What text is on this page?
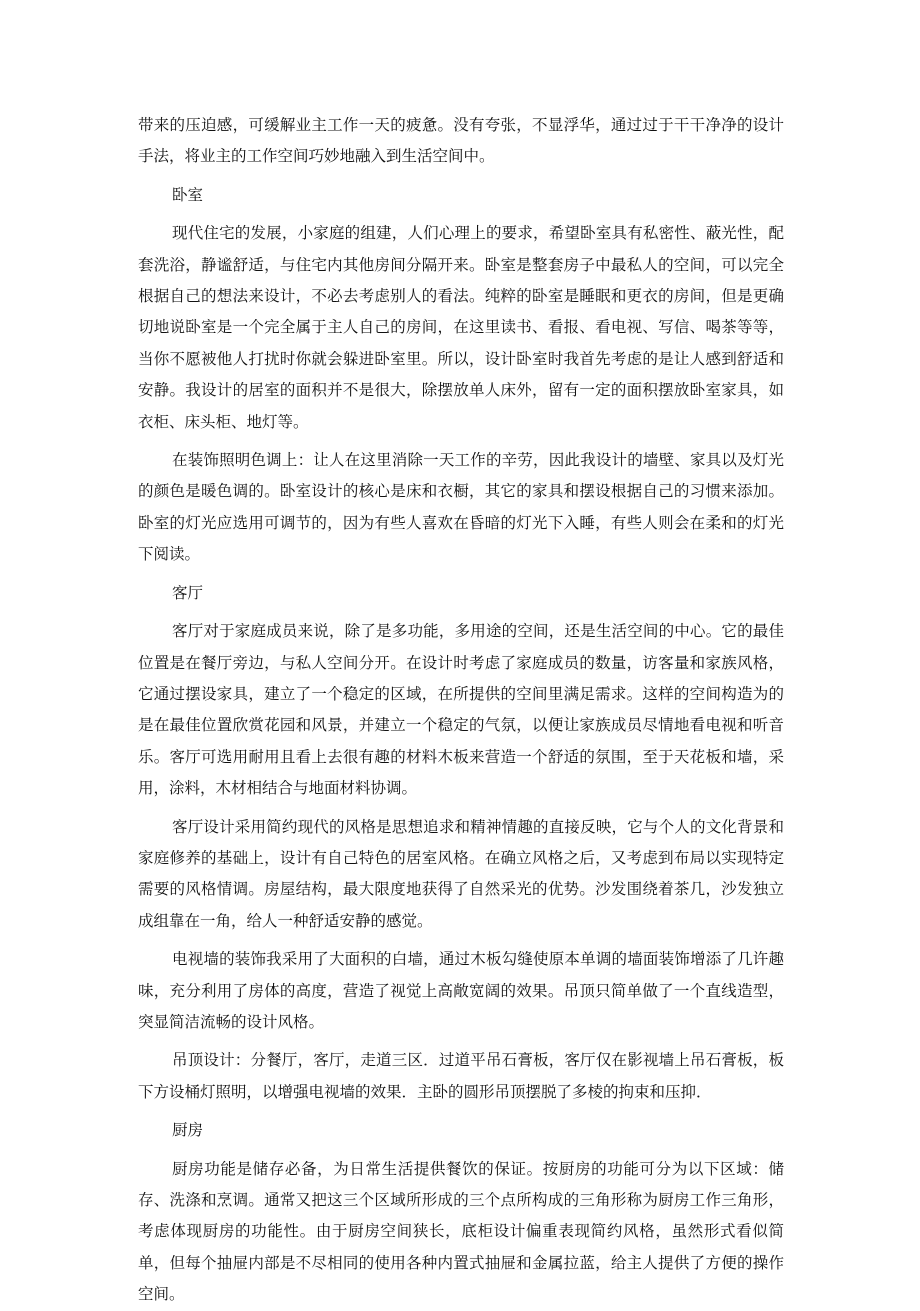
带来的压迫感，可缓解业主工作一天的疲惫。没有夸张，不显浮华，通过过于干干净净的设计手法，将业主的工作空间巧妙地融入到生活空间中。

卧室

现代住宅的发展，小家庭的组建，人们心理上的要求，希望卧室具有私密性、蔽光性，配套洗浴，静谧舒适，与住宅内其他房间分隔开来。卧室是整套房子中最私人的空间，可以完全根据自己的想法来设计，不必去考虑别人的看法。纯粹的卧室是睡眠和更衣的房间，但是更确切地说卧室是一个完全属于主人自己的房间，在这里读书、看报、看电视、写信、喝茶等等，当你不愿被他人打扰时你就会躲进卧室里。所以，设计卧室时我首先考虑的是让人感到舒适和安静。我设计的居室的面积并不是很大，除摆放单人床外，留有一定的面积摆放卧室家具，如衣柜、床头柜、地灯等。

在装饰照明色调上：让人在这里消除一天工作的辛劳，因此我设计的墙壁、家具以及灯光的颜色是暖色调的。卧室设计的核心是床和衣橱，其它的家具和摆设根据自己的习惯来添加。卧室的灯光应选用可调节的，因为有些人喜欢在昏暗的灯光下入睡，有些人则会在柔和的灯光下阅读。

客厅

客厅对于家庭成员来说，除了是多功能，多用途的空间，还是生活空间的中心。它的最佳位置是在餐厅旁边，与私人空间分开。在设计时考虑了家庭成员的数量，访客量和家族风格，它通过摆设家具，建立了一个稳定的区域，在所提供的空间里满足需求。这样的空间构造为的是在最佳位置欣赏花园和风景，并建立一个稳定的气氛，以便让家族成员尽情地看电视和听音乐。客厅可选用耐用且看上去很有趣的材料木板来营造一个舒适的氛围，至于天花板和墙，采用，涂料，木材相结合与地面材料协调。

客厅设计采用简约现代的风格是思想追求和精神情趣的直接反映，它与个人的文化背景和家庭修养的基础上，设计有自己特色的居室风格。在确立风格之后，又考虑到布局以实现特定需要的风格情调。房屋结构，最大限度地获得了自然采光的优势。沙发围绕着茶几，沙发独立成组靠在一角，给人一种舒适安静的感觉。

电视墙的装饰我采用了大面积的白墙，通过木板勾缝使原本单调的墙面装饰增添了几许趣味，充分利用了房体的高度，营造了视觉上高敞宽阔的效果。吊顶只简单做了一个直线造型，突显简洁流畅的设计风格。

吊顶设计：分餐厅，客厅，走道三区．过道平吊石膏板，客厅仅在影视墙上吊石膏板，板下方设桶灯照明，以增强电视墙的效果．主卧的圆形吊顶摆脱了多棱的拘束和压抑．

厨房

厨房功能是储存必备，为日常生活提供餐饮的保证。按厨房的功能可分为以下区域：储存、洗涤和烹调。通常又把这三个区域所形成的三个点所构成的三角形称为厨房工作三角形，考虑体现厨房的功能性。由于厨房空间狭长，底柜设计偏重表现简约风格，虽然形式看似简单，但每个抽屉内部是不尽相同的使用各种内置式抽屉和金属拉蓝，给主人提供了方便的操作空间。
